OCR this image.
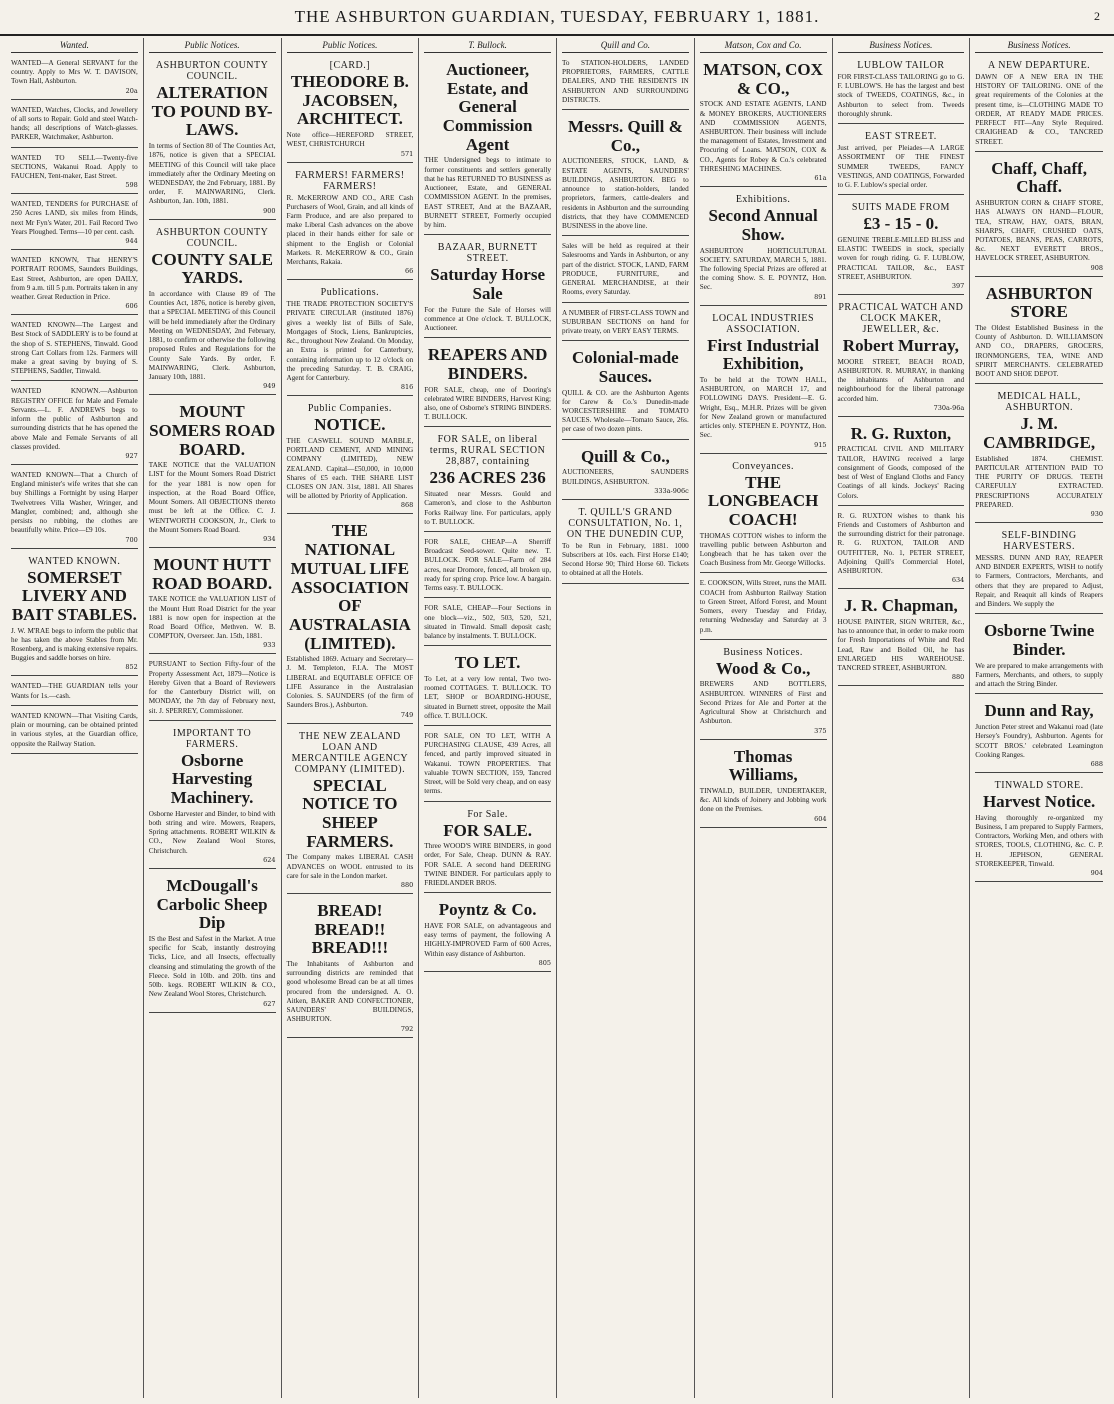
THE ASHBURTON GUARDIAN, TUESDAY, FEBRUARY 1, 1881.	2
Wanted.

WANTED—A General SERVANT for the country. Apply to Mrs W. T. DAVISON, Town Hall, Ashburton.

20a

WANTED, Watches, Clocks, and Jewellery of all sorts to Repair. Gold and steel Watch-hands; all descriptions of Watch-glasses. PARKER, Watchmaker, Ashburton.

WANTED TO SELL—Twenty-five SECTIONS, Wakanui Road. Apply to FAUCHEN, Tent-maker, East Street.

598

WANTED, TENDERS for PURCHASE of 250 Acres LAND, six miles from Hinds, next Mr Fyn's Water, 201. Fail Record Two Years Ploughed. Terms—10 per cent. cash.

944

WANTED KNOWN, That HENRY'S PORTRAIT ROOMS, Saunders Buildings, East Street, Ashburton, are open DAILY, from 9 a.m. till 5 p.m. Portraits taken in any weather. Great Reduction in Price.

606

WANTED KNOWN—The Largest and Best Stock of SADDLERY is to be found at the shop of S. STEPHENS, Tinwald. Good strong Cart Collars from 12s. Farmers will make a great saving by buying of S. STEPHENS, Saddler, Tinwald.

WANTED KNOWN.—Ashburton REGISTRY OFFICE for Male and Female Servants.—L. F. ANDREWS begs to inform the public of Ashburton and surrounding districts that he has opened the above Male and Female Servants of all classes provided.

927

WANTED KNOWN—That a Church of England minister's wife writes that she can buy Shillings a Fortnight by using Harper Twelvetrees Villa Washer, Wringer, and Mangler, combined; and, although she persists no rubbing, the clothes are beautifully white. Price—£9 10s.

700
WANTED KNOWN.
SOMERSET LIVERY AND BAIT STABLES.

J. W. M'RAE begs to inform the public that he has taken the above Stables from Mr. Rosenberg, and is making extensive repairs. Buggies and saddle horses on hire.

852

WANTED—THE GUARDIAN tells your Wants for 1s.—cash.

WANTED KNOWN—That Visiting Cards, plain or mourning, can be obtained printed in various styles, at the Guardian office, opposite the Railway Station.

Public Notices.
ASHBURTON COUNTY COUNCIL.
ALTERATION TO POUND BY-LAWS.

In terms of Section 80 of The Counties Act, 1876, notice is given that a SPECIAL MEETING of this Council will take place immediately after the Ordinary Meeting on WEDNESDAY, the 2nd February, 1881. By order, F. MAINWARING, Clerk. Ashburton, Jan. 10th, 1881.

900
ASHBURTON COUNTY COUNCIL.
COUNTY SALE YARDS.

In accordance with Clause 89 of The Counties Act, 1876, notice is hereby given, that a SPECIAL MEETING of this Council will be held immediately after the Ordinary Meeting on WEDNESDAY, 2nd February, 1881, to confirm or otherwise the following proposed Rules and Regulations for the County Sale Yards. By order, F. MAINWARING, Clerk. Ashburton, January 10th, 1881.

949
MOUNT SOMERS ROAD BOARD.

TAKE NOTICE that the VALUATION LIST for the Mount Somers Road District for the year 1881 is now open for inspection, at the Road Board Office, Mount Somers. All OBJECTIONS thereto must be left at the Office. C. J. WENTWORTH COOKSON, Jr., Clerk to the Mount Somers Road Board.

934
MOUNT HUTT ROAD BOARD.

TAKE NOTICE the VALUATION LIST of the Mount Hutt Road District for the year 1881 is now open for inspection at the Road Board Office, Methven. W. B. COMPTON, Overseer. Jan. 15th, 1881.

933

PURSUANT to Section Fifty-four of the Property Assessment Act, 1879—Notice is Hereby Given that a Board of Reviewers for the Canterbury District will, on MONDAY, the 7th day of February next, sit. J. SPERREY, Commissioner.

IMPORTANT TO FARMERS.
Osborne Harvesting Machinery.

Osborne Harvester and Binder, to bind with both string and wire. Mowers, Reapers, Spring attachments. ROBERT WILKIN & CO., New Zealand Wool Stores, Christchurch.

624
McDougall's Carbolic Sheep Dip

IS the Best and Safest in the Market. A true specific for Scab, instantly destroying Ticks, Lice, and all Insects, effectually cleansing and stimulating the growth of the Fleece. Sold in 10lb. and 20lb. tins and 50lb. kegs. ROBERT WILKIN & CO., New Zealand Wool Stores, Christchurch.

627
Public Notices.
[CARD.]
THEODORE B. JACOBSEN, ARCHITECT.

Note office—HEREFORD STREET, WEST, CHRISTCHURCH

571
FARMERS! FARMERS! FARMERS!

R. McKERROW AND CO., ARE Cash Purchasers of Wool, Grain, and all kinds of Farm Produce, and are also prepared to make Liberal Cash advances on the above placed in their hands either for sale or shipment to the English or Colonial Markets. R. McKERROW & CO., Grain Merchants, Rakaia.

66
Publications.

THE TRADE PROTECTION SOCIETY'S PRIVATE CIRCULAR (instituted 1876) gives a weekly list of Bills of Sale, Mortgages of Stock, Liens, Bankruptcies, &c., throughout New Zealand. On Monday, an Extra is printed for Canterbury, containing information up to 12 o'clock on the preceding Saturday. T. B. CRAIG, Agent for Canterbury.

816
Public Companies.
NOTICE.

THE CASWELL SOUND MARBLE, PORTLAND CEMENT, AND MINING COMPANY (LIMITED), NEW ZEALAND. Capital—£50,000, in 10,000 Shares of £5 each. THE SHARE LIST CLOSES ON JAN. 31st, 1881. All Shares will be allotted by Priority of Application.

868
THE NATIONAL MUTUAL LIFE ASSOCIATION OF AUSTRALASIA (LIMITED).

Established 1869. Actuary and Secretary—J. M. Templeton, F.I.A. The MOST LIBERAL and EQUITABLE OFFICE OF LIFE Assurance in the Australasian Colonies. S. SAUNDERS (of the firm of Saunders Bros.), Ashburton.

749
THE NEW ZEALAND LOAN AND MERCANTILE AGENCY COMPANY (LIMITED).
SPECIAL NOTICE TO SHEEP FARMERS.

The Company makes LIBERAL CASH ADVANCES on WOOL entrusted to its care for sale in the London market.

880
BREAD! BREAD!! BREAD!!!

The Inhabitants of Ashburton and surrounding districts are reminded that good wholesome Bread can be at all times procured from the undersigned. A. O. Aitken, BAKER AND CONFECTIONER, SAUNDERS' BUILDINGS, ASHBURTON.

792
T. Bullock.
Auctioneer, Estate, and General Commission Agent

THE Undersigned begs to intimate to former constituents and settlers generally that he has RETURNED TO BUSINESS as Auctioneer, Estate, and GENERAL COMMISSION AGENT. In the premises, EAST STREET, And at the BAZAAR, BURNETT STREET, Formerly occupied by him.

BAZAAR, BURNETT STREET.
Saturday Horse Sale

For the Future the Sale of Horses will commence at One o'clock. T. BULLOCK, Auctioneer.

REAPERS AND BINDERS.

FOR SALE, cheap, one of Dooring's celebrated WIRE BINDERS, Harvest King; also, one of Osborne's STRING BINDERS. T. BULLOCK.

FOR SALE, on liberal terms, RURAL SECTION 28,887, containing
236 ACRES 236

Situated near Messrs. Gould and Cameron's, and close to the Ashburton Forks Railway line. For particulars, apply to T. BULLOCK.

FOR SALE, CHEAP—A Sherriff Broadcast Seed-sower. Quite new. T. BULLOCK. FOR SALE—Farm of 284 acres, near Dromore, fenced, all broken up, ready for spring crop. Price low. A bargain. Terms easy. T. BULLOCK.

FOR SALE, CHEAP—Four Sections in one block—viz., 502, 503, 520, 521, situated in Tinwald. Small deposit cash; balance by instalments. T. BULLOCK.

TO LET.

To Let, at a very low rental, Two two-roomed COTTAGES. T. BULLOCK. TO LET, SHOP or BOARDING-HOUSE, situated in Burnett street, opposite the Mail office. T. BULLOCK.

FOR SALE, ON TO LET, WITH A PURCHASING CLAUSE, 439 Acres, all fenced, and partly improved situated in Wakanui. TOWN PROPERTIES. That valuable TOWN SECTION, 159, Tancred Street, will be Sold very cheap, and on easy terms.

For Sale.
FOR SALE.

Three WOOD'S WIRE BINDERS, in good order, For Sale, Cheap. DUNN & RAY. FOR SALE. A second hand DEERING TWINE BINDER. For particulars apply to FRIEDLANDER BROS.

Poyntz & Co.

HAVE FOR SALE, on advantageous and easy terms of payment, the following A HIGHLY-IMPROVED Farm of 600 Acres, Within easy distance of Ashburton.

805
Quill and Co.

To STATION-HOLDERS, LANDED PROPRIETORS, FARMERS, CATTLE DEALERS, AND THE RESIDENTS IN ASHBURTON AND SURROUNDING DISTRICTS.

Messrs. Quill & Co.,

AUCTIONEERS, STOCK, LAND, & ESTATE AGENTS, SAUNDERS' BUILDINGS, ASHBURTON. BEG to announce to station-holders, landed proprietors, farmers, cattle-dealers and residents in Ashburton and the surrounding districts, that they have COMMENCED BUSINESS in the above line.

Sales will be held as required at their Salesrooms and Yards in Ashburton, or any part of the district. STOCK, LAND, FARM PRODUCE, FURNITURE, and GENERAL MERCHANDISE, at their Rooms, every Saturday.

A NUMBER of FIRST-CLASS TOWN and SUBURBAN SECTIONS on hand for private treaty, on VERY EASY TERMS.

Colonial-made Sauces.

QUILL & CO. are the Ashburton Agents for Carew & Co.'s Dunedin-made WORCESTERSHIRE and TOMATO SAUCES. Wholesale—Tomato Sauce, 26s. per case of two dozen pints.

Quill & Co.,

AUCTIONEERS, SAUNDERS BUILDINGS, ASHBURTON.

333a-906c
T. QUILL'S GRAND CONSULTATION, No. 1, ON THE DUNEDIN CUP,

To be Run in February, 1881. 1000 Subscribers at 10s. each. First Horse £140; Second Horse 90; Third Horse 60. Tickets to obtained at all the Hotels.

Matson, Cox and Co.
MATSON, COX & CO.,

STOCK AND ESTATE AGENTS, LAND & MONEY BROKERS, AUCTIONEERS AND COMMISSION AGENTS, ASHBURTON. Their business will include the management of Estates, Investment and Procuring of Loans. MATSON, COX & CO., Agents for Robey & Co.'s celebrated THRESHING MACHINES.

61a
Exhibitions.
Second Annual Show.

ASHBURTON HORTICULTURAL SOCIETY. SATURDAY, MARCH 5, 1881. The following Special Prizes are offered at the coming Show. S. E. POYNTZ, Hon. Sec.

891
LOCAL INDUSTRIES ASSOCIATION.
First Industrial Exhibition,

To be held at the TOWN HALL, ASHBURTON, on MARCH 17, and FOLLOWING DAYS. President—E. G. Wright, Esq., M.H.R. Prizes will be given for New Zealand grown or manufactured articles only. STEPHEN E. POYNTZ, Hon. Sec.

915
Conveyances.
THE LONGBEACH COACH!

THOMAS COTTON wishes to inform the travelling public between Ashburton and Longbeach that he has taken over the Coach Business from Mr. George Willocks.

E. COOKSON, Wills Street, runs the MAIL COACH from Ashburton Railway Station to Green Street, Alford Forest, and Mount Somers, every Tuesday and Friday, returning Wednesday and Saturday at 3 p.m.

Business Notices.
Wood & Co.,

BREWERS AND BOTTLERS, ASHBURTON. WINNERS of First and Second Prizes for Ale and Porter at the Agricultural Show at Christchurch and Ashburton.

375
Thomas Williams,

TINWALD, BUILDER, UNDERTAKER, &c. All kinds of Joinery and Jobbing work done on the Premises.

604
Business Notices.
LUBLOW TAILOR

FOR FIRST-CLASS TAILORING go to G. F. LUBLOW'S. He has the largest and best stock of TWEEDS, COATINGS, &c., in Ashburton to select from. Tweeds thoroughly shrunk.

EAST STREET.

Just arrived, per Pleiades—A LARGE ASSORTMENT OF THE FINEST SUMMER TWEEDS, FANCY VESTINGS, AND COATINGS, Forwarded to G. F. Lublow's special order.

SUITS MADE FROM
£3 - 15 - 0.

GENUINE TREBLE-MILLED BLISS and ELASTIC TWEEDS in stock, specially woven for rough riding. G. F. LUBLOW, PRACTICAL TAILOR, &c., EAST STREET, ASHBURTON.

397
PRACTICAL WATCH AND CLOCK MAKER, JEWELLER, &c.
Robert Murray,

MOORE STREET, BEACH ROAD, ASHBURTON. R. MURRAY, in thanking the inhabitants of Ashburton and neighbourhood for the liberal patronage accorded him.

730a-96a
R. G. Ruxton,

PRACTICAL CIVIL AND MILITARY TAILOR, HAVING received a large consignment of Goods, composed of the best of West of England Cloths and Fancy Coatings of all kinds. Jockeys' Racing Colors.

R. G. RUXTON wishes to thank his Friends and Customers of Ashburton and the surrounding district for their patronage. R. G. RUXTON, TAILOR AND OUTFITTER, No. 1, PETER STREET, Adjoining Quill's Commercial Hotel, ASHBURTON.

634
J. R. Chapman,

HOUSE PAINTER, SIGN WRITER, &c., has to announce that, in order to make room for Fresh Importations of White and Red Lead, Raw and Boiled Oil, he has ENLARGED HIS WAREHOUSE. TANCRED STREET, ASHBURTON.

880
Business Notices.
A NEW DEPARTURE.

DAWN OF A NEW ERA IN THE HISTORY OF TAILORING. ONE of the great requirements of the Colonies at the present time, is—CLOTHING MADE TO ORDER, AT READY MADE PRICES. PERFECT FIT—Any Style Required. CRAIGHEAD & CO., TANCRED STREET.

Chaff, Chaff, Chaff.

ASHBURTON CORN & CHAFF STORE, HAS ALWAYS ON HAND—FLOUR, TEA, STRAW, HAY, OATS, BRAN, SHARPS, CHAFF, CRUSHED OATS, POTATOES, BEANS, PEAS, CARROTS, &c. NEXT EVERETT BROS., HAVELOCK STREET, ASHBURTON.

908
ASHBURTON STORE

The Oldest Established Business in the County of Ashburton. D. WILLIAMSON AND CO., DRAPERS, GROCERS, IRONMONGERS, TEA, WINE AND SPIRIT MERCHANTS. CELEBRATED BOOT AND SHOE DEPOT.

MEDICAL HALL, ASHBURTON.
J. M. CAMBRIDGE,

Established 1874. CHEMIST. PARTICULAR ATTENTION PAID TO THE PURITY OF DRUGS. TEETH CAREFULLY EXTRACTED. PRESCRIPTIONS ACCURATELY PREPARED.

930
SELF-BINDING HARVESTERS.

MESSRS. DUNN AND RAY, REAPER AND BINDER EXPERTS, WISH to notify to Farmers, Contractors, Merchants, and others that they are prepared to Adjust, Repair, and Reaquit all kinds of Reapers and Binders. We supply the

Osborne Twine Binder.

We are prepared to make arrangements with Farmers, Merchants, and others, to supply and attach the String Binder.

Dunn and Ray,

Junction Peter street and Wakanui road (late Hersey's Foundry), Ashburton. Agents for SCOTT BROS.' celebrated Leamington Cooking Ranges.

688
TINWALD STORE.
Harvest Notice.

Having thoroughly re-organized my Business, I am prepared to Supply Farmers, Contractors, Working Men, and others with STORES, TOOLS, CLOTHING, &c. C. P. H. JEPHSON, GENERAL STOREKEEPER, Tinwald.

904
